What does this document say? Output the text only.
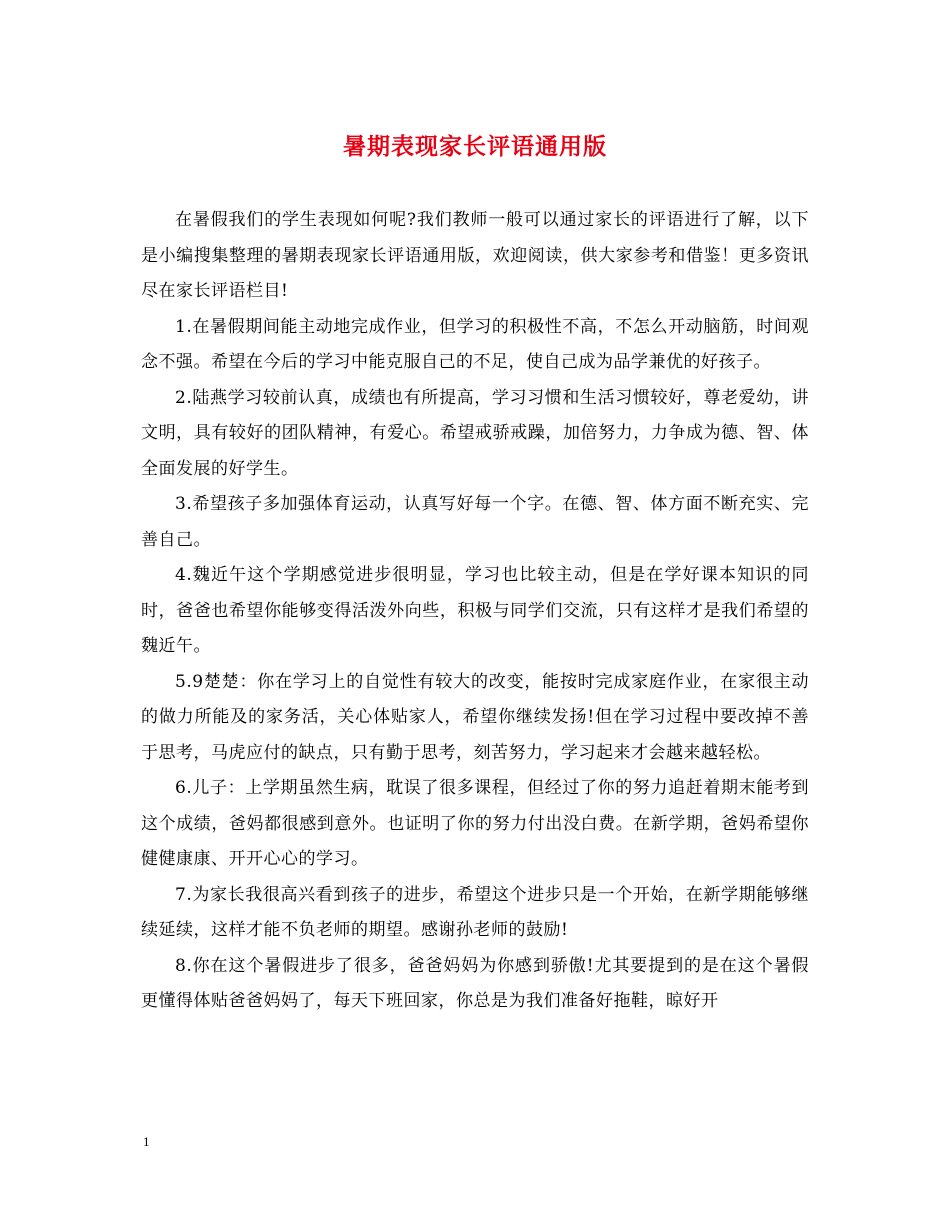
暑期表现家长评语通用版

在暑假我们的学生表现如何呢?我们教师一般可以通过家长的评语进行了解，以下是小编搜集整理的暑期表现家长评语通用版，欢迎阅读，供大家参考和借鉴！更多资讯尽在家长评语栏目!

1.在暑假期间能主动地完成作业，但学习的积极性不高，不怎么开动脑筋，时间观念不强。希望在今后的学习中能克服自己的不足，使自己成为品学兼优的好孩子。

2.陆燕学习较前认真，成绩也有所提高，学习习惯和生活习惯较好，尊老爱幼，讲文明，具有较好的团队精神，有爱心。希望戒骄戒躁，加倍努力，力争成为德、智、体全面发展的好学生。

3.希望孩子多加强体育运动，认真写好每一个字。在德、智、体方面不断充实、完善自己。

4.魏近午这个学期感觉进步很明显，学习也比较主动，但是在学好课本知识的同时，爸爸也希望你能够变得活泼外向些，积极与同学们交流，只有这样才是我们希望的魏近午。

5.9楚楚：你在学习上的自觉性有较大的改变，能按时完成家庭作业，在家很主动的做力所能及的家务活，关心体贴家人，希望你继续发扬!但在学习过程中要改掉不善于思考，马虎应付的缺点，只有勤于思考，刻苦努力，学习起来才会越来越轻松。

6.儿子：上学期虽然生病，耽误了很多课程，但经过了你的努力追赶着期末能考到这个成绩，爸妈都很感到意外。也证明了你的努力付出没白费。在新学期，爸妈希望你健健康康、开开心心的学习。

7.为家长我很高兴看到孩子的进步，希望这个进步只是一个开始，在新学期能够继续延续，这样才能不负老师的期望。感谢孙老师的鼓励!

8.你在这个暑假进步了很多，爸爸妈妈为你感到骄傲!尤其要提到的是在这个暑假更懂得体贴爸爸妈妈了，每天下班回家，你总是为我们准备好拖鞋，晾好开

1
